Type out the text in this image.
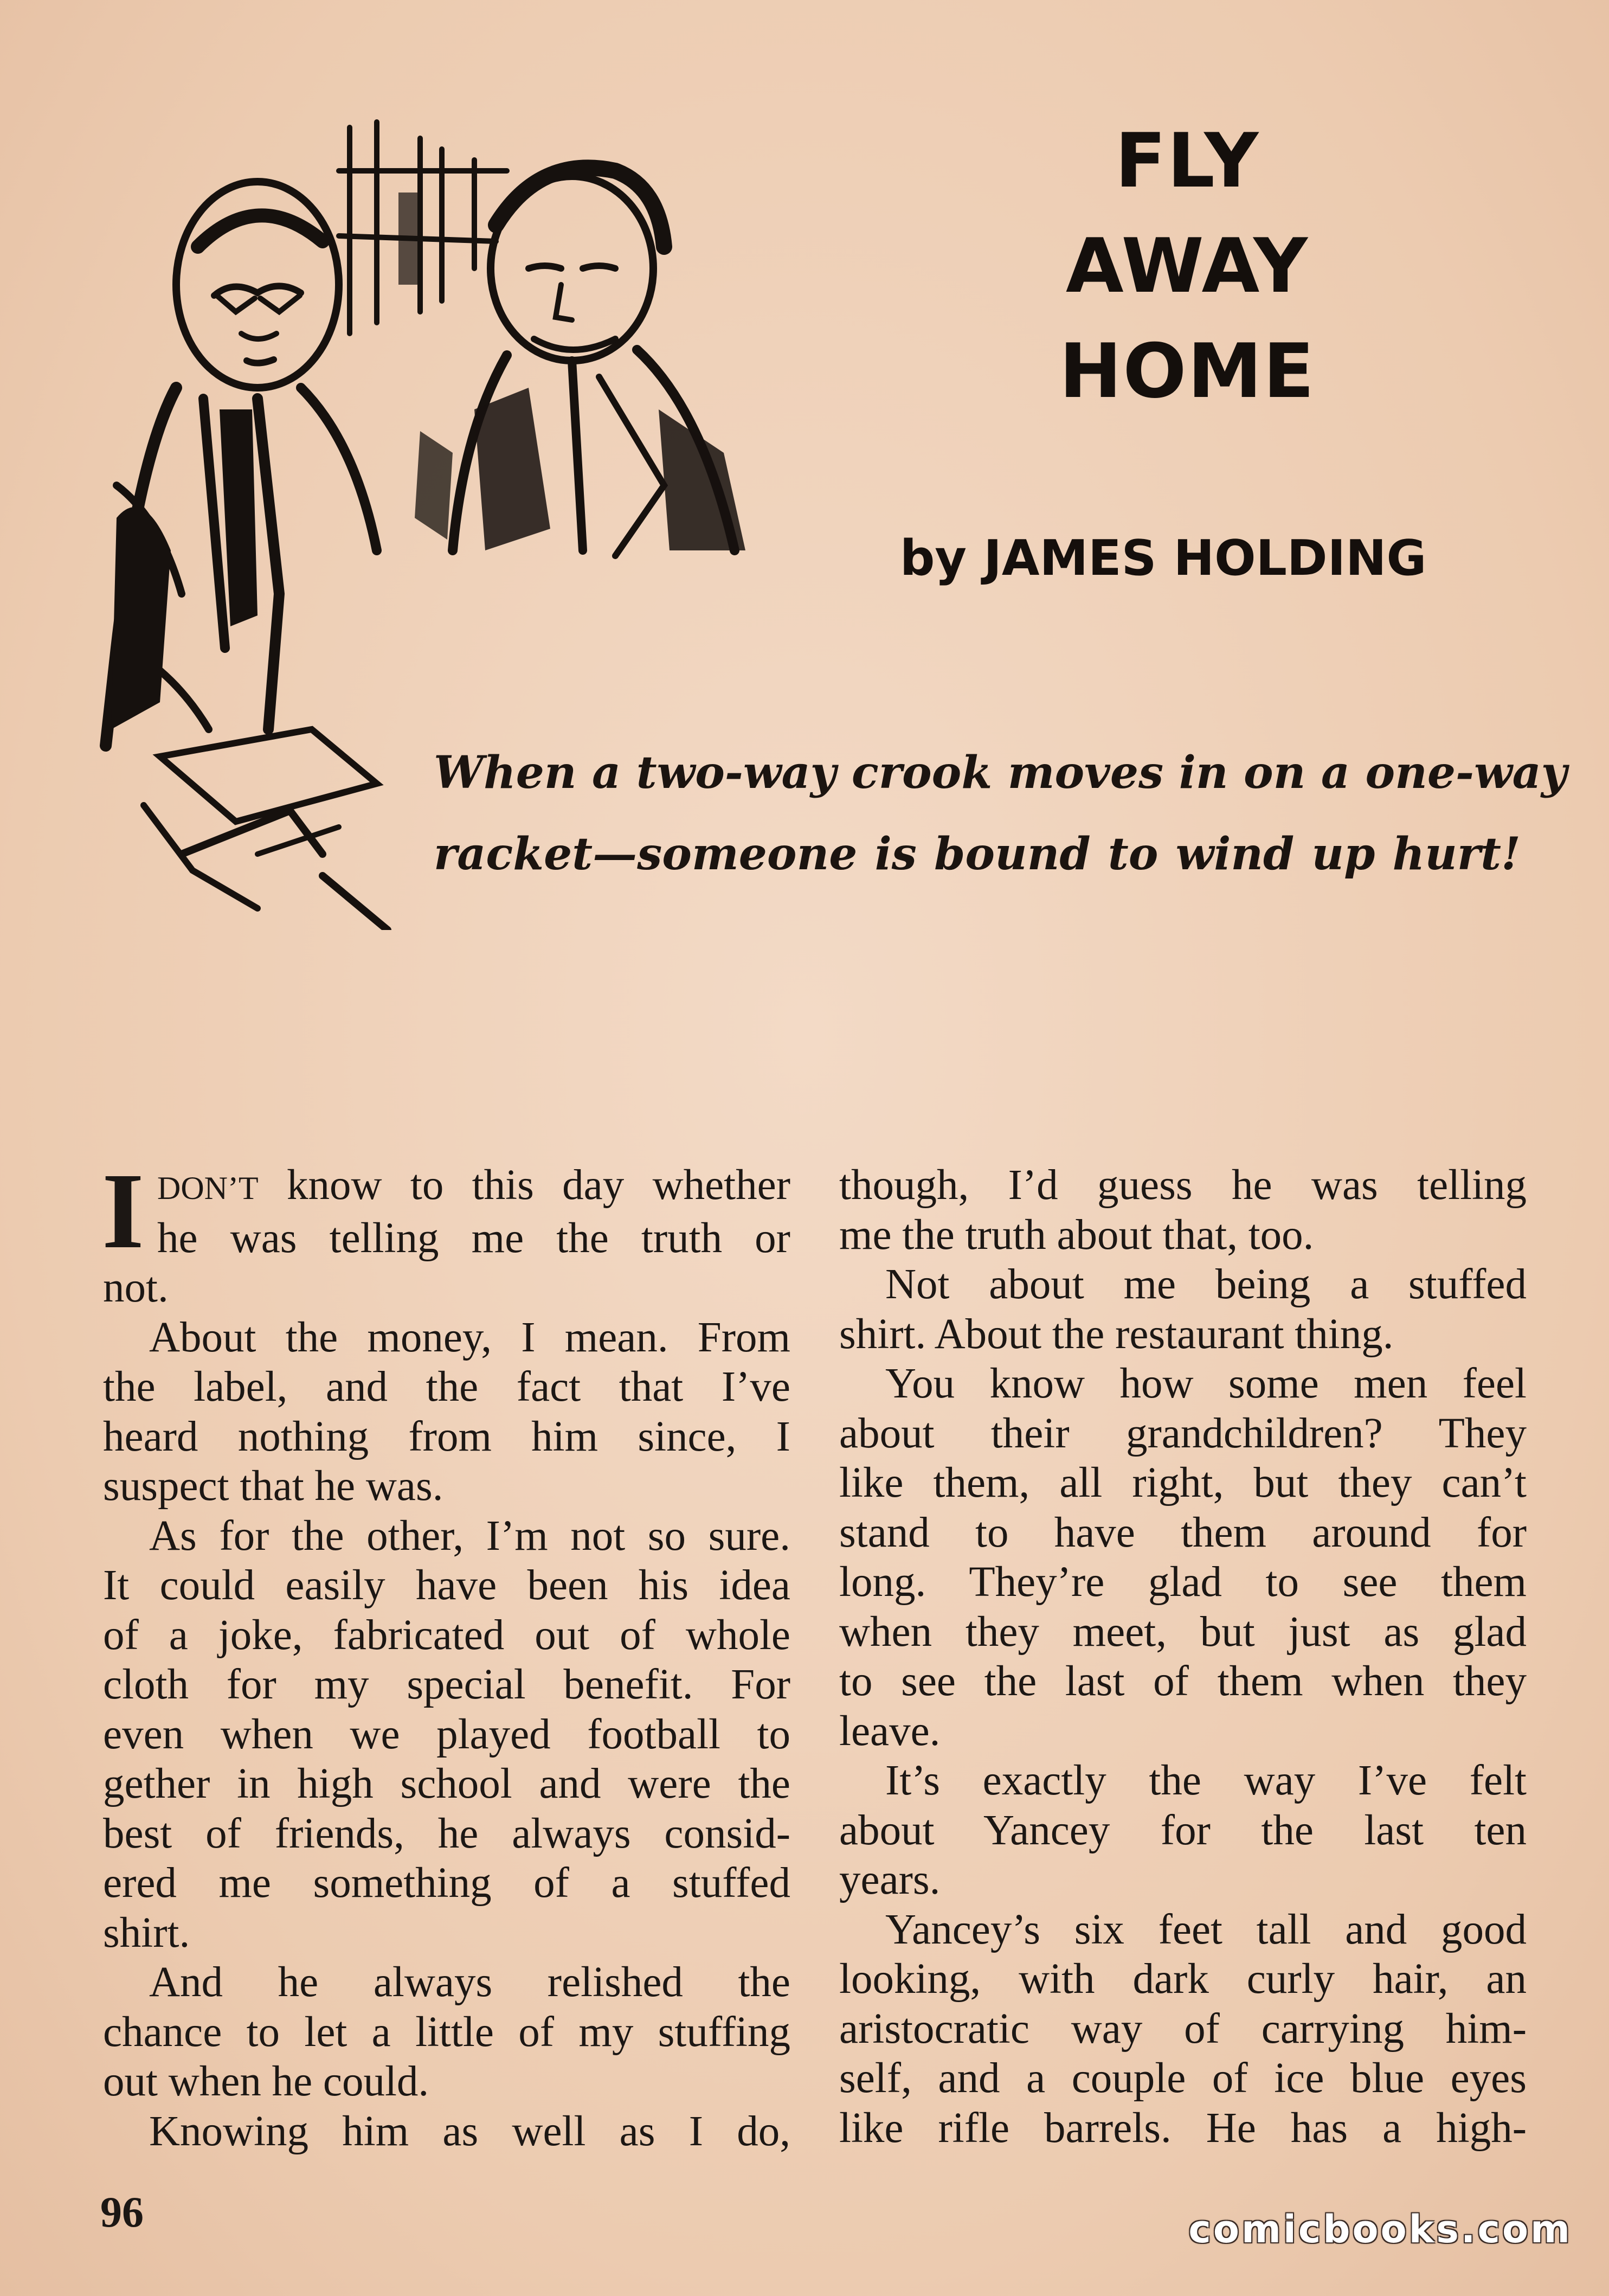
FLY
AWAY
HOME
by JAMES HOLDING
When a two-way crook moves in on a one-way
racket—someone is bound to wind up hurt!
I DON’T know to this day whether
he was telling me the truth or
not.
About the money, I mean. From
the label, and the fact that I’ve
heard nothing from him since, I
suspect that he was.
As for the other, I’m not so sure.
It could easily have been his idea
of a joke, fabricated out of whole
cloth for my special benefit. For
even when we played football to
gether in high school and were the
best of friends, he always consid-
ered me something of a stuffed
shirt.
And he always relished the
chance to let a little of my stuffing
out when he could.
Knowing him as well as I do,
though, I’d guess he was telling
me the truth about that, too.
Not about me being a stuffed
shirt. About the restaurant thing.
You know how some men feel
about their grandchildren? They
like them, all right, but they can’t
stand to have them around for
long. They’re glad to see them
when they meet, but just as glad
to see the last of them when they
leave.
It’s exactly the way I’ve felt
about Yancey for the last ten
years.
Yancey’s six feet tall and good
looking, with dark curly hair, an
aristocratic way of carrying him-
self, and a couple of ice blue eyes
like rifle barrels. He has a high-
96	comicbooks.com
